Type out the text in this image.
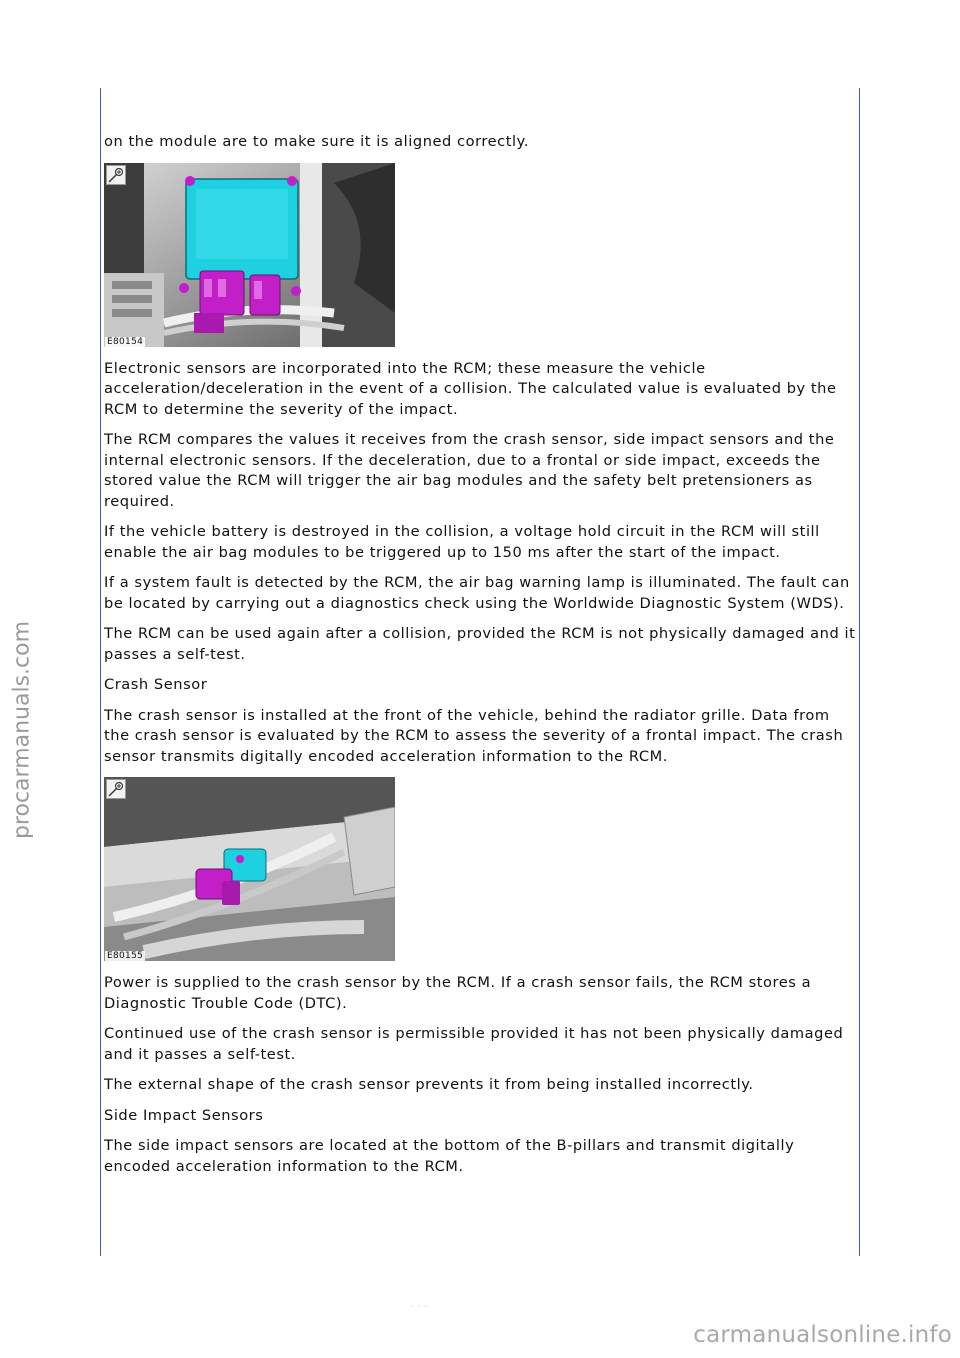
procarmanuals.com

on the module are to make sure it is aligned correctly.

E80154

Electronic sensors are incorporated into the RCM; these measure the vehicle acceleration/deceleration in the event of a collision. The calculated value is evaluated by the RCM to determine the severity of the impact.

The RCM compares the values it receives from the crash sensor, side impact sensors and the internal electronic sensors. If the deceleration, due to a frontal or side impact, exceeds the stored value the RCM will trigger the air bag modules and the safety belt pretensioners as required.

If the vehicle battery is destroyed in the collision, a voltage hold circuit in the RCM will still enable the air bag modules to be triggered up to 150 ms after the start of the impact.

If a system fault is detected by the RCM, the air bag warning lamp is illuminated. The fault can be located by carrying out a diagnostics check using the Worldwide Diagnostic System (WDS).

The RCM can be used again after a collision, provided the RCM is not physically damaged and it passes a self-test.

Crash Sensor

The crash sensor is installed at the front of the vehicle, behind the radiator grille. Data from the crash sensor is evaluated by the RCM to assess the severity of a frontal impact. The crash sensor transmits digitally encoded acceleration information to the RCM.

E80155

Power is supplied to the crash sensor by the RCM. If a crash sensor fails, the RCM stores a Diagnostic Trouble Code (DTC).

Continued use of the crash sensor is permissible provided it has not been physically damaged and it passes a self-test.

The external shape of the crash sensor prevents it from being installed incorrectly.

Side Impact Sensors

The side impact sensors are located at the bottom of the B-pillars and transmit digitally encoded acceleration information to the RCM.

· · ·
carmanualsonline.info
